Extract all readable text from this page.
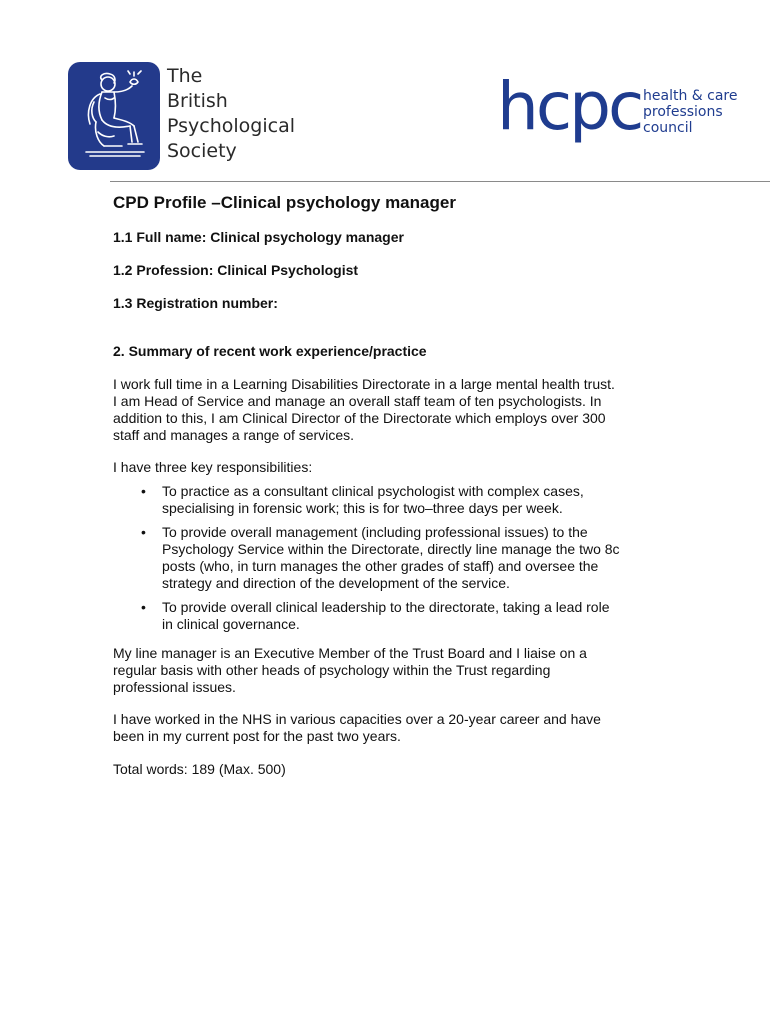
The
British
Psychological
Society
hcpc health & care
professions
council
CPD Profile –Clinical psychology manager
1.1 Full name: Clinical psychology manager
1.2 Profession: Clinical Psychologist
1.3 Registration number:
2. Summary of recent work experience/practice
I work full time in a Learning Disabilities Directorate in a large mental health trust.
I am Head of Service and manage an overall staff team of ten psychologists. In
addition to this, I am Clinical Director of the Directorate which employs over 300
staff and manages a range of services.
I have three key responsibilities:
• To practice as a consultant clinical psychologist with complex cases,
specialising in forensic work; this is for two–three days per week.
• To provide overall management (including professional issues) to the
Psychology Service within the Directorate, directly line manage the two 8c
posts (who, in turn manages the other grades of staff) and oversee the
strategy and direction of the development of the service.
• To provide overall clinical leadership to the directorate, taking a lead role
in clinical governance.
My line manager is an Executive Member of the Trust Board and I liaise on a
regular basis with other heads of psychology within the Trust regarding
professional issues.
I have worked in the NHS in various capacities over a 20-year career and have
been in my current post for the past two years.
Total words: 189 (Max. 500)
